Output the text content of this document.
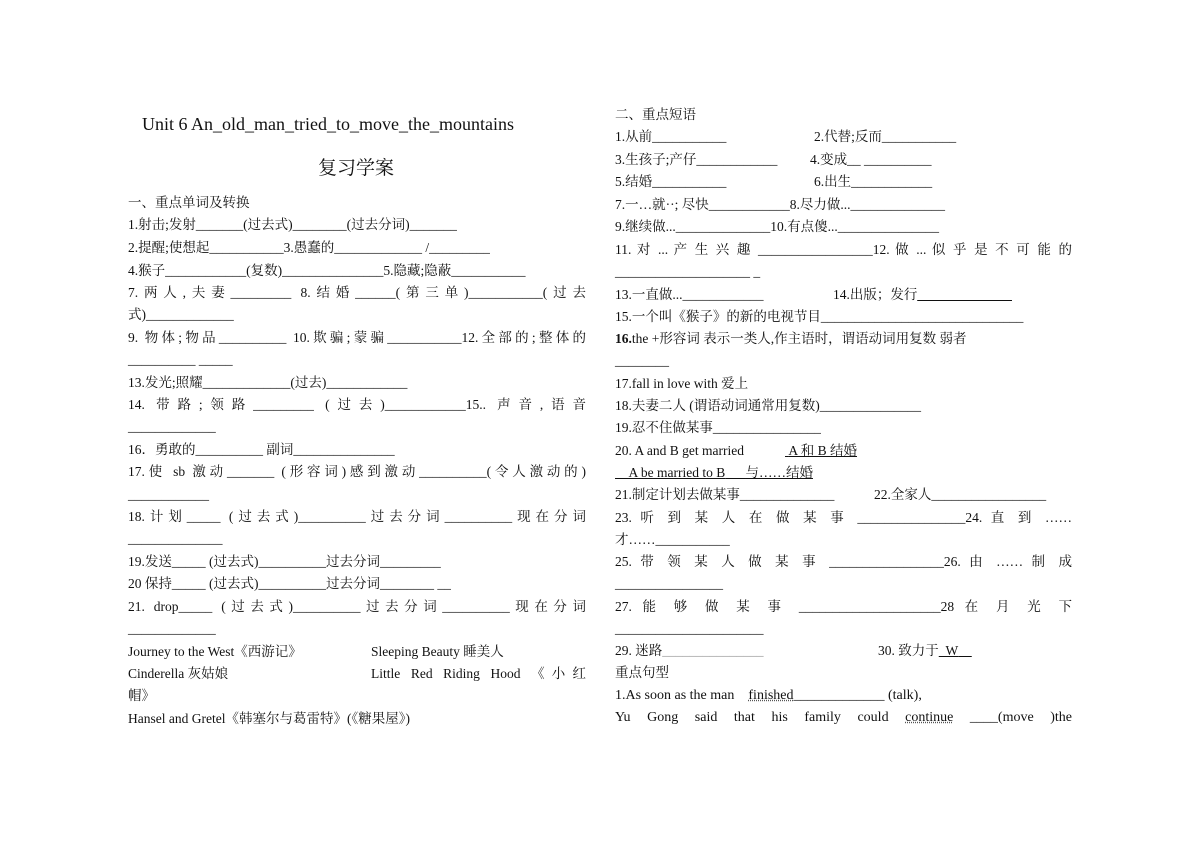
Unit 6 An_old_man_tried_to_move_the_mountains
复习学案
一、重点单词及转换
1.射击;发射_______(过去式)________(过去分词)_______
2.提醒;使想起___________3.愚蠢的_____________ /_________
4.猴子____________(复数)_______________5.隐藏;隐蔽___________
7.两人,夫妻_________ 8.结婚______(第三单)___________(过去
式)_____________
9. 物体;物品__________ 10.欺骗;蒙骗___________12.全部的;整体的
__________ _____
13.发光;照耀_____________(过去)____________
14. 带路;领路_________ (过去)____________15.. 声音,语音
_____________
16．勇敢的__________ 副词_______________
17.使 sb 激动_______ (形容词)感到激动__________(令人激动的)
____________
18.计划_____ (过去式)__________过去分词__________现在分词
______________
19.发送_____ (过去式)__________过去分词_________
20 保持_____ (过去式)__________过去分词________ __
21. drop_____ (过去式)__________过去分词__________现在分词
_____________
Journey to the West《西游记》	Sleeping Beauty 睡美人
Cinderella 灰姑娘	Little Red Riding Hood 《小红
帽》
Hansel and Gretel《韩塞尔与葛雷特》(《糖果屋》)
二、重点短语
1.从前___________	2.代替;反而___________
3.生孩子;产仔____________ 4.变成__ __________
5.结婚___________	6.出生____________
7.一…就··; 尽快____________8.尽力做...______________
9.继续做...______________10.有点傻..._______________
11. 对 ... 产 生 兴 趣 _________________12. 做 ... 似 乎 是 不 可 能 的
____________________ _
13.一直做...____________	14.出版；发行______________
15.一个叫《猴子》的新的电视节目______________________________
16.the +形容词 表示一类人,作主语时，谓语动词用复数 弱者
________
17.fall in love with 爱上
18.夫妻二人 (谓语动词通常用复数)_______________
19.忍不住做某事________________
20. A and B get married	A 和 B 结婚
A be married to B 与……结婚
21.制定计划去做某事______________	22.全家人_________________
23. 听 到 某 人 在 做 某 事 ________________24. 直 到 ……
才……___________
25. 带 领 某 人 做 某 事 _________________26. 由 …… 制 成
________________
27. 能 够 做 某 事 _____________________28 在 月 光 下
______________________
29. 迷路_______________	30. 致力于 W
重点句型
1.As soon as the man finished_____________ (talk),
Yu Gong said that his family could continue ____(move )the
